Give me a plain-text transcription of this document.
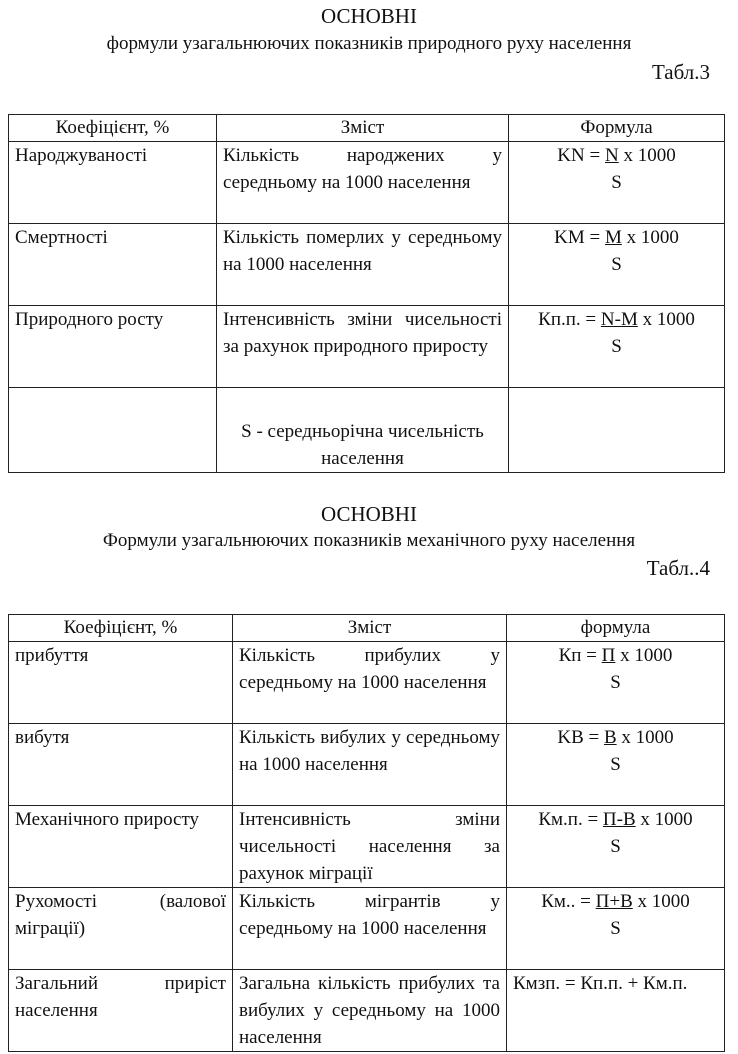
ОСНОВНІ
формули узагальнюючих показників природного руху населення
Табл.3
Коефіцієнт, %	Зміст	Формула
Народжуваності	Кількість народжених у середньому на 1000 населення	KN = N x 1000
S

Смертності	Кількість померлих у середньому на 1000 населення	KM = M x 1000
S

Природного росту	Інтенсивність зміни чисельності за рахунок природного приросту	Кп.п. = N-M x 1000
S

	S - середньорічна чисельність населення	
ОСНОВНІ
Формули узагальнюючих показників механічного руху населення
Табл..4
Коефіцієнт, %	Зміст	формула
прибуття	Кількість прибулих у середньому на 1000 населення	Кп = П x 1000
S

вибутя	Кількість вибулих у середньому на 1000 населення	KB = B x 1000
S

Механічного приросту	Інтенсивність зміни чисельності населення за рахунок міграції	Км.п. = П-В x 1000
S

Рухомості (валової міграції)	Кількість мігрантів у середньому на 1000 населення	Км.. = П+В x 1000
S

Загальний приріст населення	Загальна кількість прибулих та вибулих у середньому на 1000 населення	Кмзп. = Кп.п. + Км.п.
